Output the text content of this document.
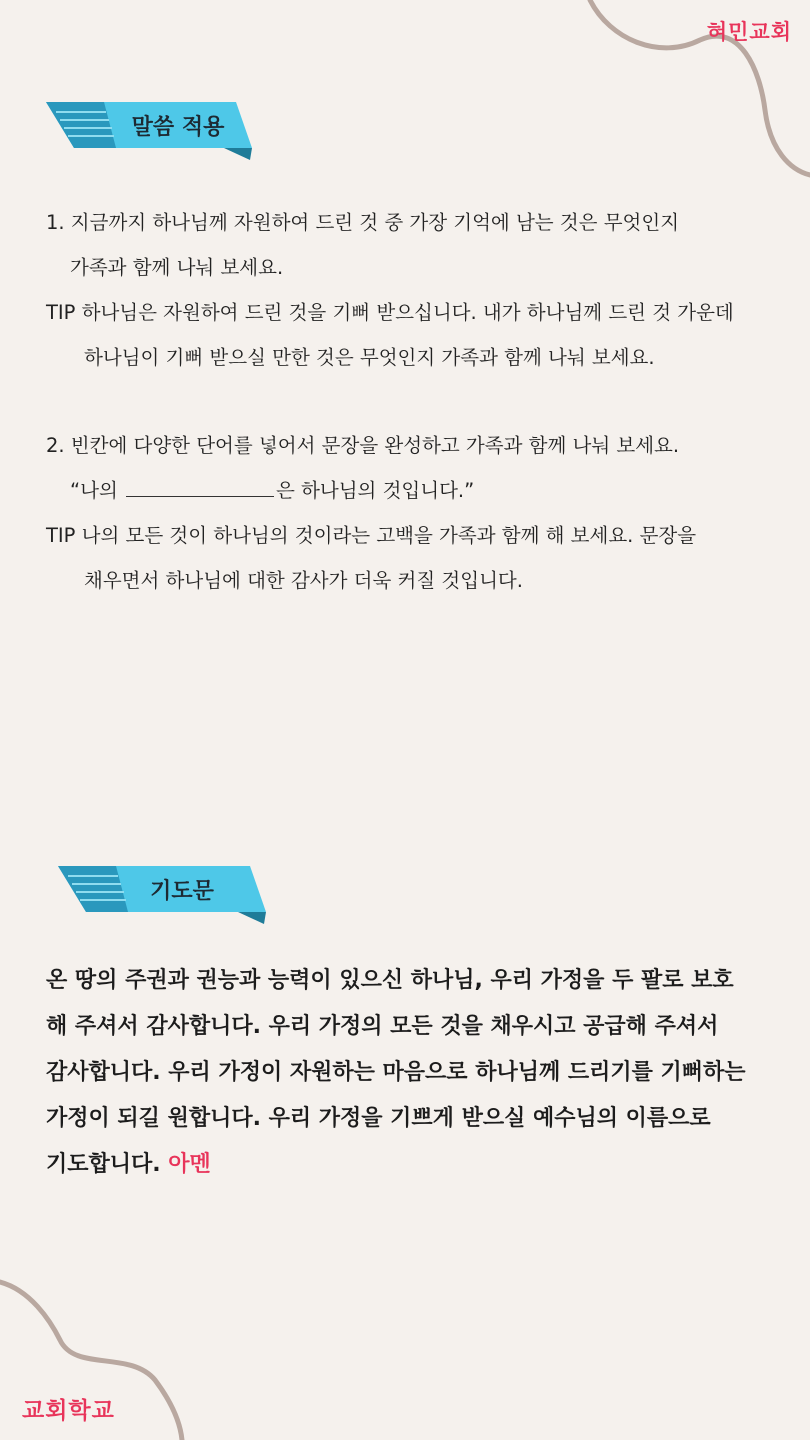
혀민교회
말씀 적용

1. 지금까지 하나님께 자원하여 드린 것 중 가장 기억에 남는 것은 무엇인지

가족과 함께 나눠 보세요.

TIP 하나님은 자원하여 드린 것을 기뻐 받으십니다. 내가 하나님께 드린 것 가운데

하나님이 기뻐 받으실 만한 것은 무엇인지 가족과 함께 나눠 보세요.

2. 빈칸에 다양한 단어를 넣어서 문장을 완성하고 가족과 함께 나눠 보세요.

“나의	은 하나님의 것입니다.”

TIP 나의 모든 것이 하나님의 것이라는 고백을 가족과 함께 해 보세요. 문장을

채우면서 하나님에 대한 감사가 더욱 커질 것입니다.

기도문

온 땅의 주권과 권능과 능력이 있으신 하나님, 우리 가정을 두 팔로 보호

해 주셔서 감사합니다. 우리 가정의 모든 것을 채우시고 공급해 주셔서

감사합니다. 우리 가정이 자원하는 마음으로 하나님께 드리기를 기뻐하는

가정이 되길 원합니다. 우리 가정을 기쁘게 받으실 예수님의 이름으로

기도합니다. 아멘

교회학교
